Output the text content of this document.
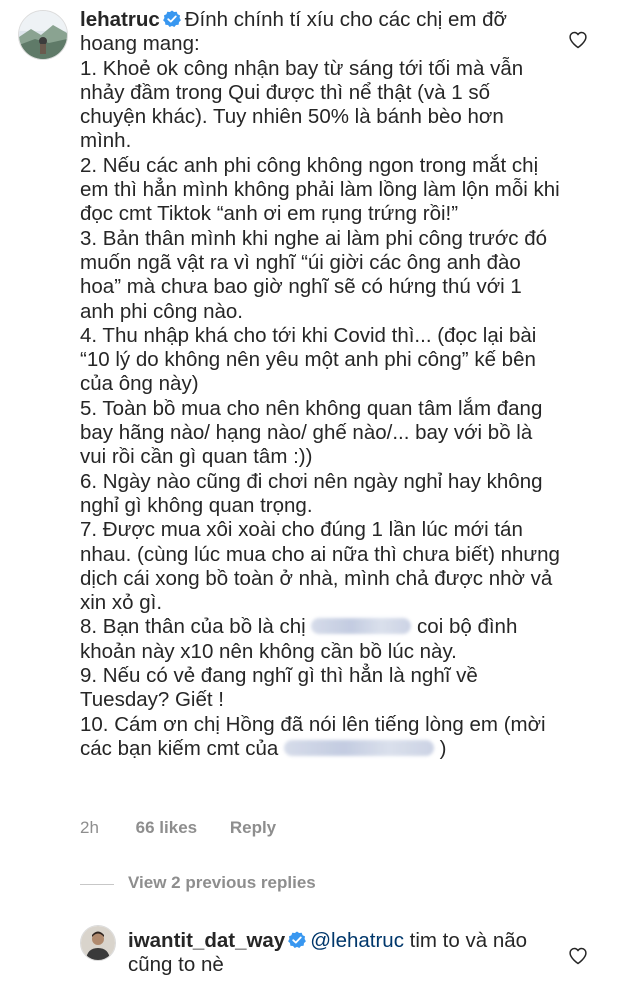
lehatruc Đính chính tí xíu cho các chị em đỡ hoang mang:

1. Khoẻ ok công nhận bay từ sáng tới tối mà vẫn nhảy đầm trong Qui được thì nể thật (và 1 số chuyện khác). Tuy nhiên 50% là bánh bèo hơn mình.

2. Nếu các anh phi công không ngon trong mắt chị em thì hẳn mình không phải làm lồng làm lộn mỗi khi đọc cmt Tiktok “anh ơi em rụng trứng rồi!”

3. Bản thân mình khi nghe ai làm phi công trước đó muốn ngã vật ra vì nghĩ “úi giời các ông anh đào hoa” mà chưa bao giờ nghĩ sẽ có hứng thú với 1 anh phi công nào.

4. Thu nhập khá cho tới khi Covid thì... (đọc lại bài “10 lý do không nên yêu một anh phi công” kế bên của ông này)

5. Toàn bồ mua cho nên không quan tâm lắm đang bay hãng nào/ hạng nào/ ghế nào/... bay với bồ là vui rồi cần gì quan tâm :))

6. Ngày nào cũng đi chơi nên ngày nghỉ hay không nghỉ gì không quan trọng.

7. Được mua xôi xoài cho đúng 1 lần lúc mới tán nhau. (cùng lúc mua cho ai nữa thì chưa biết) nhưng dịch cái xong bồ toàn ở nhà, mình chả được nhờ vả xin xỏ gì.

8. Bạn thân của bồ là chị	coi bộ đình khoản này x10 nên không cần bồ lúc này.

9. Nếu có vẻ đang nghĩ gì thì hẳn là nghĩ về Tuesday? Giết !

10. Cám ơn chị Hồng đã nói lên tiếng lòng em (mời các bạn kiếm cmt của	)

2h 66 likes Reply
View 2 previous replies
iwantit_dat_way @lehatruc tim to và não cũng to nè
